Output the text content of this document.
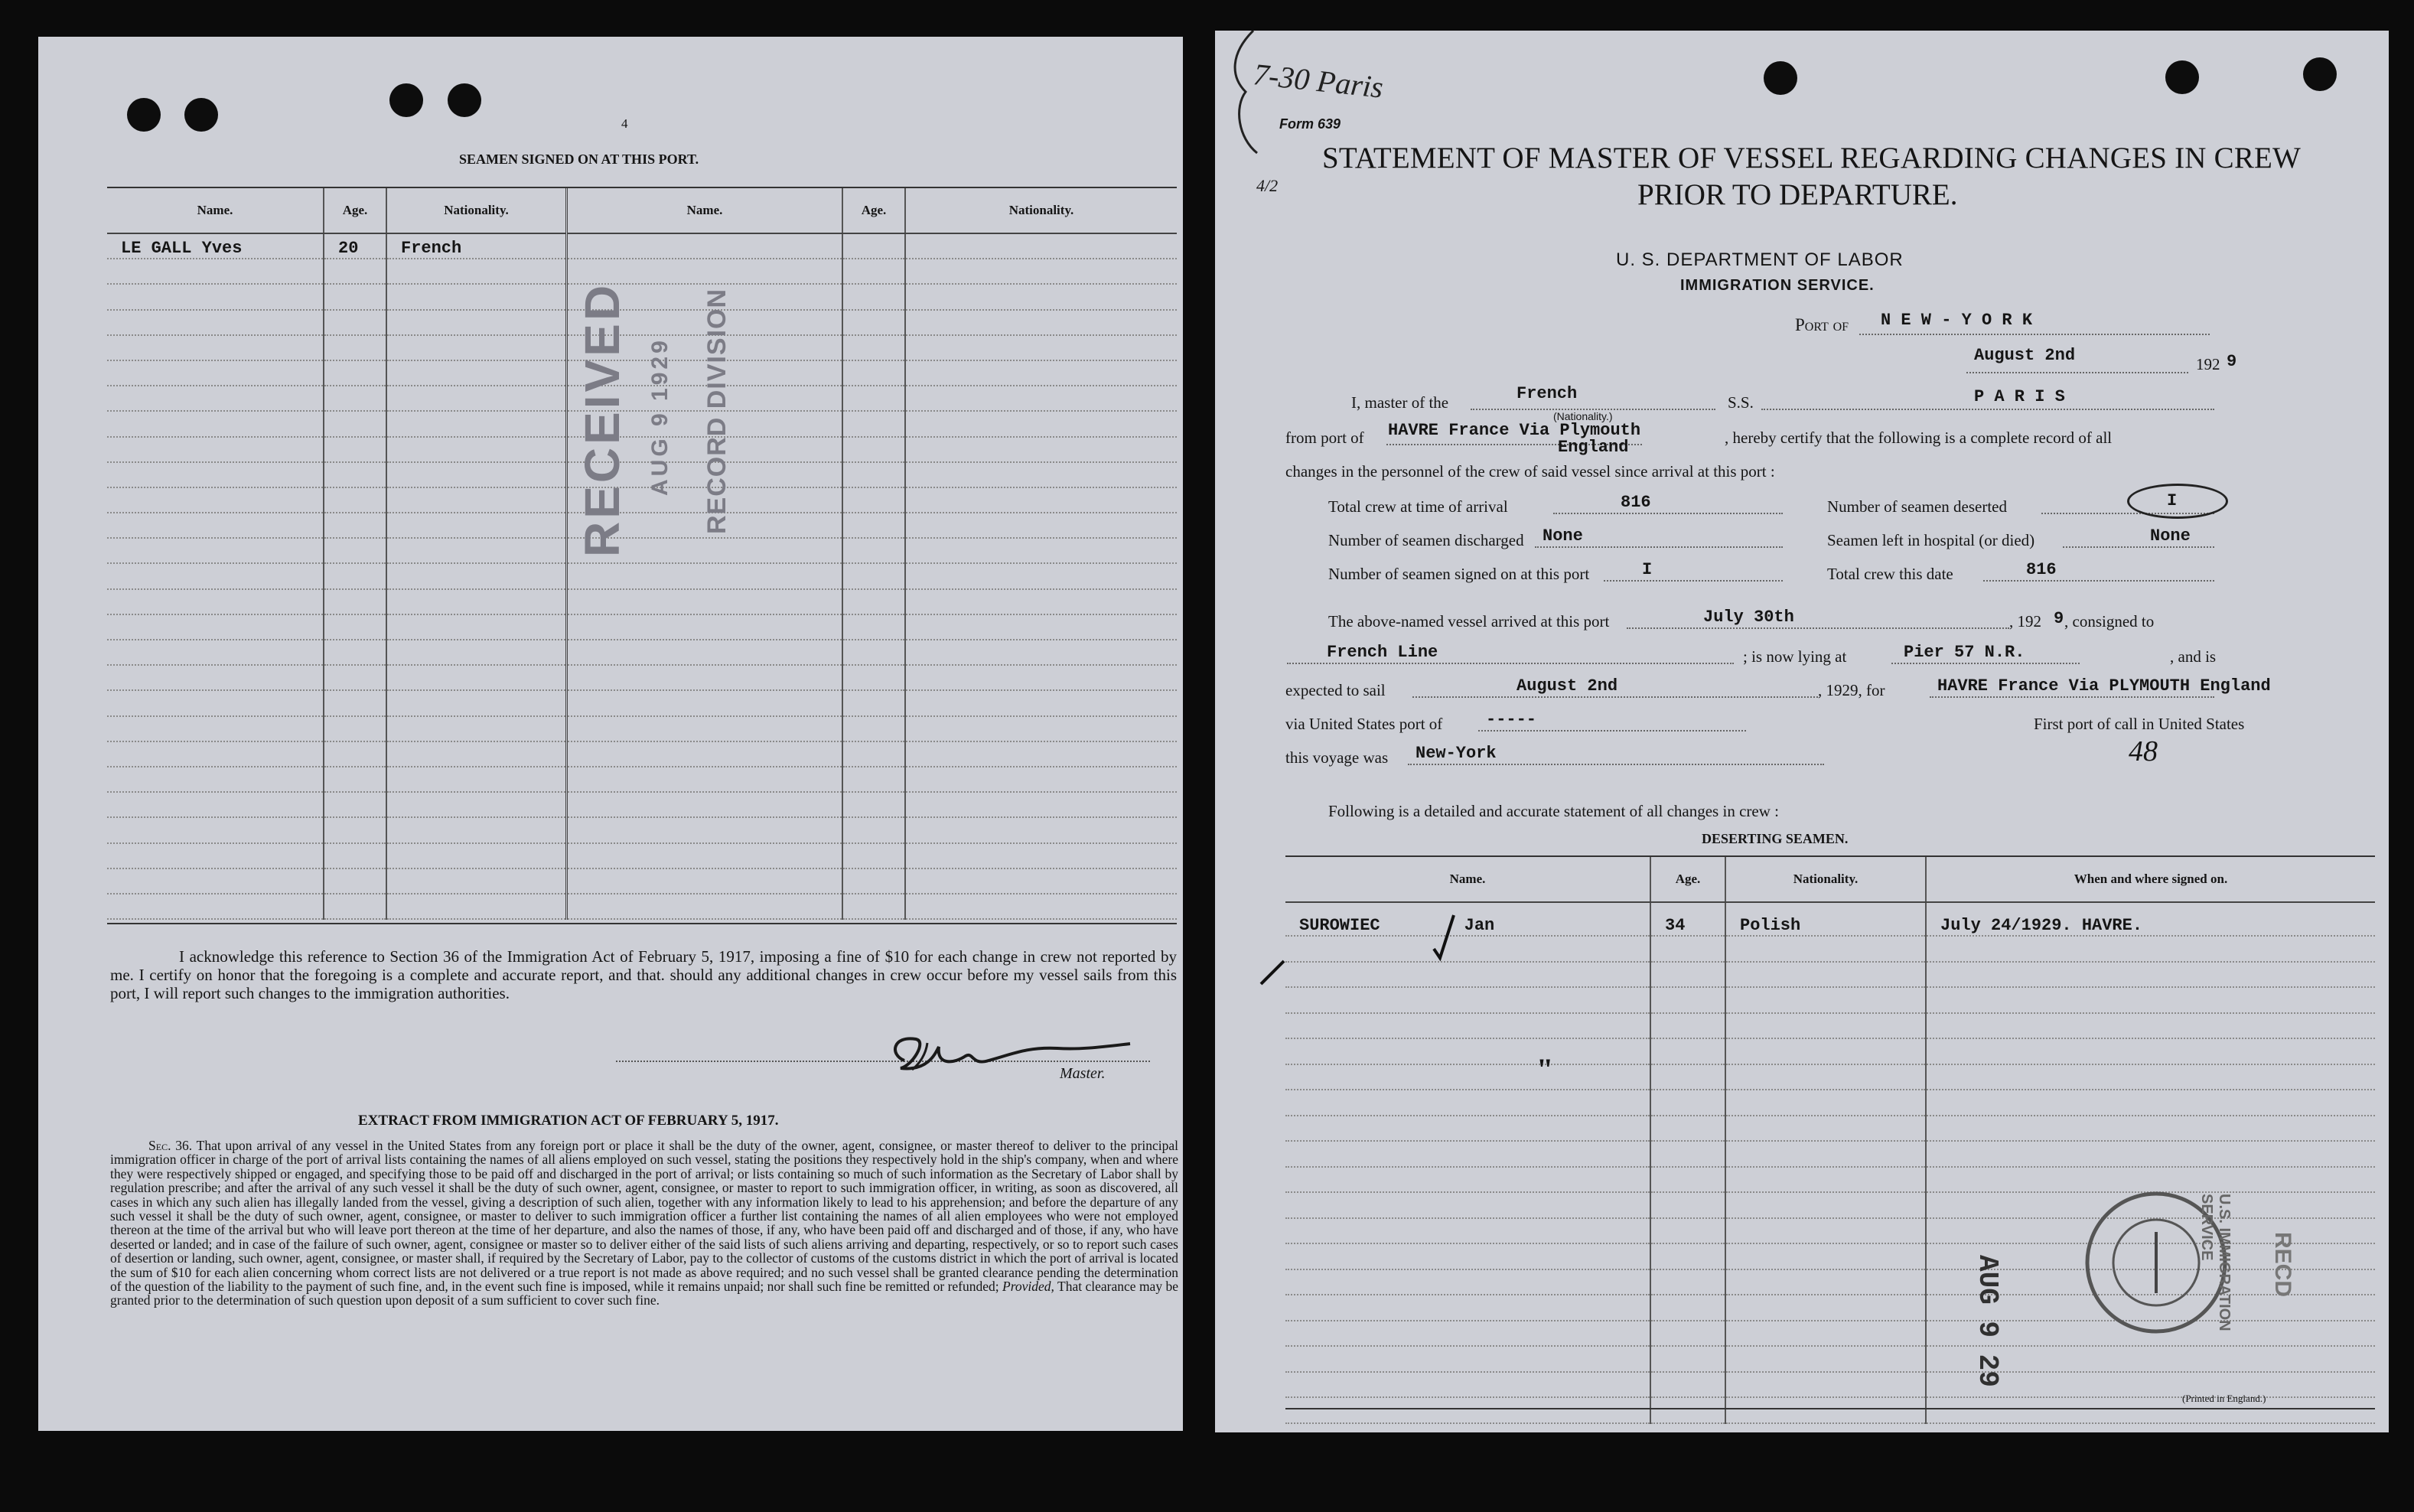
4
SEAMEN SIGNED ON AT THIS PORT.
Name.	Age.	Nationality.	Name.	Age.	Nationality.
LE GALL Yves	20	French			

RECEIVED AUG 9 1929 RECORD DIVISION
I acknowledge this reference to Section 36 of the Immigration Act of February 5, 1917, imposing a fine of $10 for each change in crew not reported by me. I certify on honor that the foregoing is a complete and accurate report, and that. should any additional changes in crew occur before my vessel sails from this port, I will report such changes to the immigration authorities.
Master.
EXTRACT FROM IMMIGRATION ACT OF FEBRUARY 5, 1917.
Sec. 36. That upon arrival of any vessel in the United States from any foreign port or place it shall be the duty of the owner, agent, consignee, or master thereof to deliver to the principal immigration officer in charge of the port of arrival lists containing the names of all aliens employed on such vessel, stating the positions they respectively hold in the ship's company, when and where they were respectively shipped or engaged, and specifying those to be paid off and discharged in the port of arrival; or lists containing so much of such information as the Secretary of Labor shall by regulation prescribe; and after the arrival of any such vessel it shall be the duty of such owner, agent, consignee, or master to report to such immigration officer, in writing, as soon as discovered, all cases in which any such alien has illegally landed from the vessel, giving a description of such alien, together with any information likely to lead to his apprehension; and before the departure of any such vessel it shall be the duty of such owner, agent, consignee, or master to deliver to such immigration officer a further list containing the names of all alien employees who were not employed thereon at the time of the arrival but who will leave port thereon at the time of her departure, and also the names of those, if any, who have been paid off and discharged and of those, if any, who have deserted or landed; and in case of the failure of such owner, agent, consignee or master so to deliver either of the said lists of such aliens arriving and departing, respectively, or so to report such cases of desertion or landing, such owner, agent, consignee, or master shall, if required by the Secretary of Labor, pay to the collector of customs of the customs district in which the port of arrival is located the sum of $10 for each alien concerning whom correct lists are not delivered or a true report is not made as above required; and no such vessel shall be granted clearance pending the determination of the question of the liability to the payment of such fine, and, in the event such fine is imposed, while it remains unpaid; nor shall such fine be remitted or refunded; Provided, That clearance may be granted prior to the determination of such question upon deposit of a sum sufficient to cover such fine.
7-30 Paris
4/2
Form 639
STATEMENT OF MASTER OF VESSEL REGARDING CHANGES IN CREW
PRIOR TO DEPARTURE.
U. S. DEPARTMENT OF LABOR
IMMIGRATION SERVICE.
Port of N E W - Y O R K
August 2nd	192 9
I, master of the	French
(Nationality.)
S.S.	P A R I S
from port of HAVRE France Via Plymouth
England	, hereby certify that the following is a complete record of all
changes in the personnel of the crew of said vessel since arrival at this port :
Total crew at time of arrival	816	Number of seamen deserted	I
Number of seamen discharged None	Seamen left in hospital (or died)	None
Number of seamen signed on at this port	I	Total crew this date	816
The above-named vessel arrived at this port	July 30th	, 192 9 , consigned to
French Line	; is now lying at	Pier 57 N.R.	, and is
expected to sail	August 2nd	, 1929, for	HAVRE France Via PLYMOUTH England
via United States port of	-----	First port of call in United States
this voyage was New-York	48
Following is a detailed and accurate statement of all changes in crew :
DESERTING SEAMEN.
Name.	Age.	Nationality.	When and where signed on.
SUROWIEC Jan	34	Polish	July 24/1929. HAVRE.

"
AUG 9 29	U.S. IMMIGRATION SERVICE
RECD
(Printed in England.)
